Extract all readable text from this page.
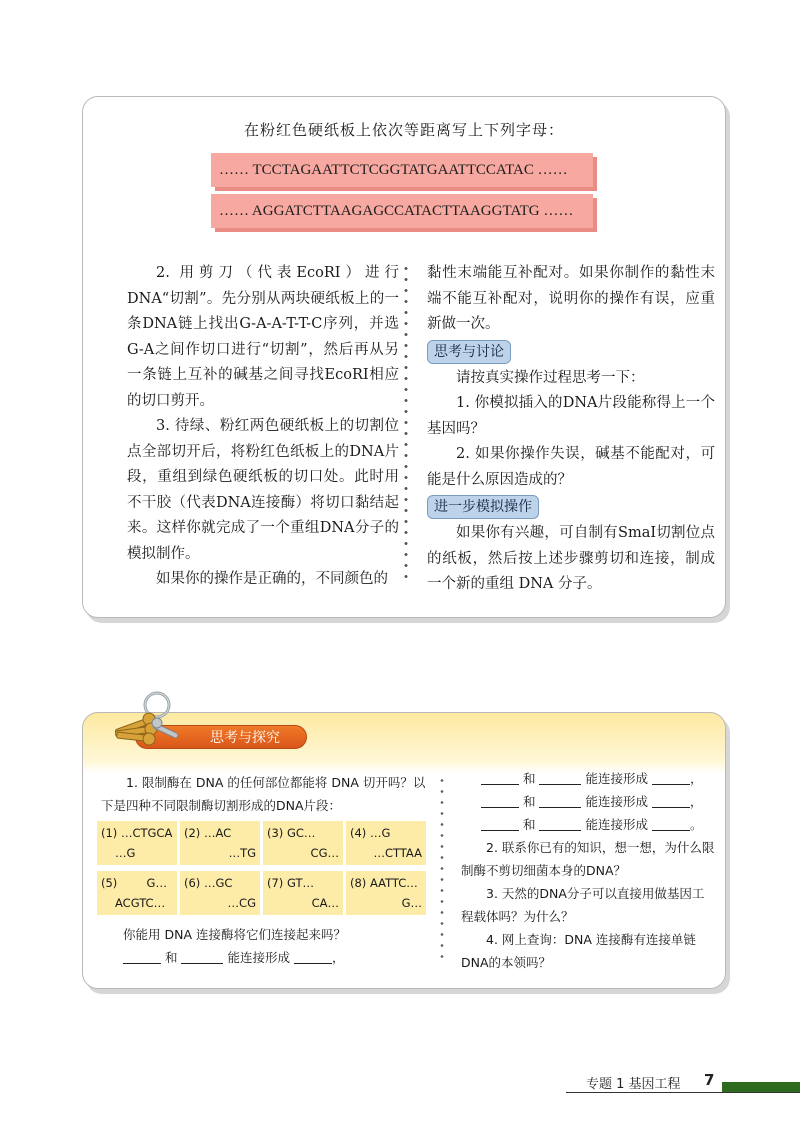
在粉红色硬纸板上依次等距离写上下列字母：
…… TCCTAGAATTCTCGGTATGAATTCCATAC ……
…… AGGATCTTAAGAGCCATACTTAAGGTATG ……

2. 用剪刀（代表EcoRI）进行DNA“切割”。先分别从两块硬纸板上的一条DNA链上找出G-A-A-T-T-C序列，并选G-A之间作切口进行“切割”，然后再从另一条链上互补的碱基之间寻找EcoRI相应的切口剪开。

3. 待绿、粉红两色硬纸板上的切割位点全部切开后，将粉红色纸板上的DNA片段，重组到绿色硬纸板的切口处。此时用不干胶（代表DNA连接酶）将切口黏结起来。这样你就完成了一个重组DNA分子的模拟制作。

如果你的操作是正确的，不同颜色的

黏性末端能互补配对。如果你制作的黏性末端不能互补配对，说明你的操作有误，应重新做一次。

思考与讨论

请按真实操作过程思考一下：

1. 你模拟插入的DNA片段能称得上一个基因吗？

2. 如果你操作失误，碱基不能配对，可能是什么原因造成的？

进一步模拟操作

如果你有兴趣，可自制有SmaI切割位点的纸板，然后按上述步骤剪切和连接，制成一个新的重组 DNA 分子。

思考与探究

1. 限制酶在 DNA 的任何部位都能将 DNA 切开吗？以下是四种不同限制酶切割形成的DNA片段：

(1) …CTGCA
…G
(2) …AC
…TG
(3) GC…
CG…
(4) …G
…CTTAA
(5)        G…
ACGTC…
(6) …GC
…CG
(7) GT…
CA…
(8) AATTC…
G…

你能用 DNA 连接酶将它们连接起来吗？

和	能连接形成	，

和	能连接形成	，

和	能连接形成	，

和	能连接形成	。

2. 联系你已有的知识，想一想，为什么限制酶不剪切细菌本身的DNA？

3. 天然的DNA分子可以直接用做基因工程载体吗？为什么？

4. 网上查询：DNA 连接酶有连接单链DNA的本领吗？

专题 1 基因工程 7
